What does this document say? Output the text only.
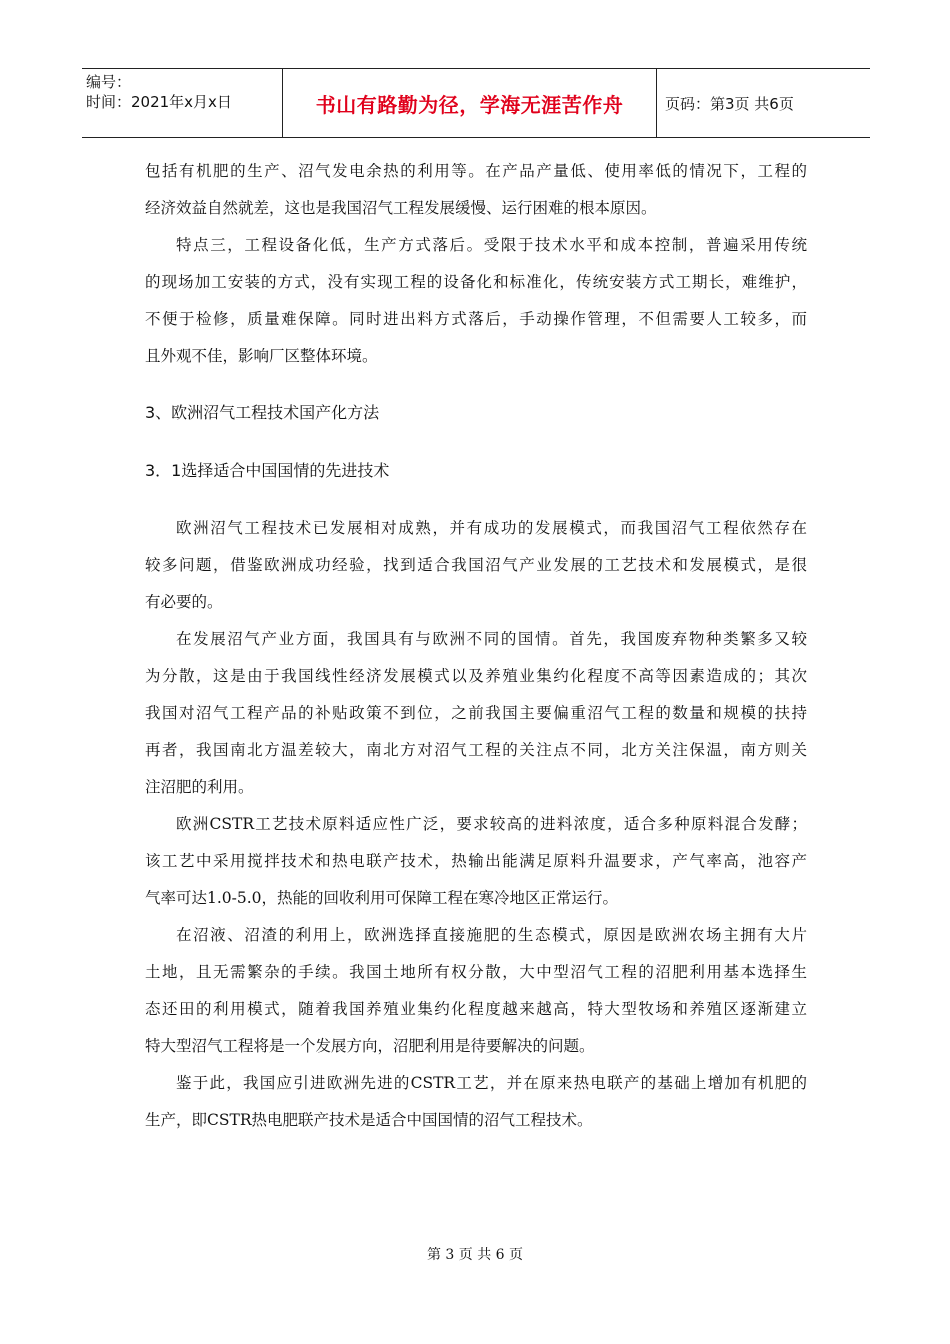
编号：
时间：2021年x月x日	书山有路勤为径，学海无涯苦作舟	页码：第3页 共6页
包括有机肥的生产、沼气发电余热的利用等。在产品产量低、使用率低的情况下，工程的
经济效益自然就差，这也是我国沼气工程发展缓慢、运行困难的根本原因。
特点三，工程设备化低，生产方式落后。受限于技术水平和成本控制，普遍采用传统
的现场加工安装的方式，没有实现工程的设备化和标准化，传统安装方式工期长，难维护，
不便于检修，质量难保障。同时进出料方式落后，手动操作管理，不但需要人工较多，而
且外观不佳，影响厂区整体环境。
3、欧洲沼气工程技术国产化方法
3．1选择适合中国国情的先进技术
欧洲沼气工程技术已发展相对成熟，并有成功的发展模式，而我国沼气工程依然存在
较多问题，借鉴欧洲成功经验，找到适合我国沼气产业发展的工艺技术和发展模式，是很
有必要的。
在发展沼气产业方面，我国具有与欧洲不同的国情。首先，我国废弃物种类繁多又较
为分散，这是由于我国线性经济发展模式以及养殖业集约化程度不高等因素造成的；其次
我国对沼气工程产品的补贴政策不到位，之前我国主要偏重沼气工程的数量和规模的扶持
再者，我国南北方温差较大，南北方对沼气工程的关注点不同，北方关注保温，南方则关
注沼肥的利用。
欧洲CSTR工艺技术原料适应性广泛，要求较高的进料浓度，适合多种原料混合发酵；
该工艺中采用搅拌技术和热电联产技术，热输出能满足原料升温要求，产气率高，池容产
气率可达1.0-5.0，热能的回收利用可保障工程在寒冷地区正常运行。
在沼液、沼渣的利用上，欧洲选择直接施肥的生态模式，原因是欧洲农场主拥有大片
土地，且无需繁杂的手续。我国土地所有权分散，大中型沼气工程的沼肥利用基本选择生
态还田的利用模式，随着我国养殖业集约化程度越来越高，特大型牧场和养殖区逐渐建立
特大型沼气工程将是一个发展方向，沼肥利用是待要解决的问题。
鉴于此，我国应引进欧洲先进的CSTR工艺，并在原来热电联产的基础上增加有机肥的
生产，即CSTR热电肥联产技术是适合中国国情的沼气工程技术。
第 3 页 共 6 页
